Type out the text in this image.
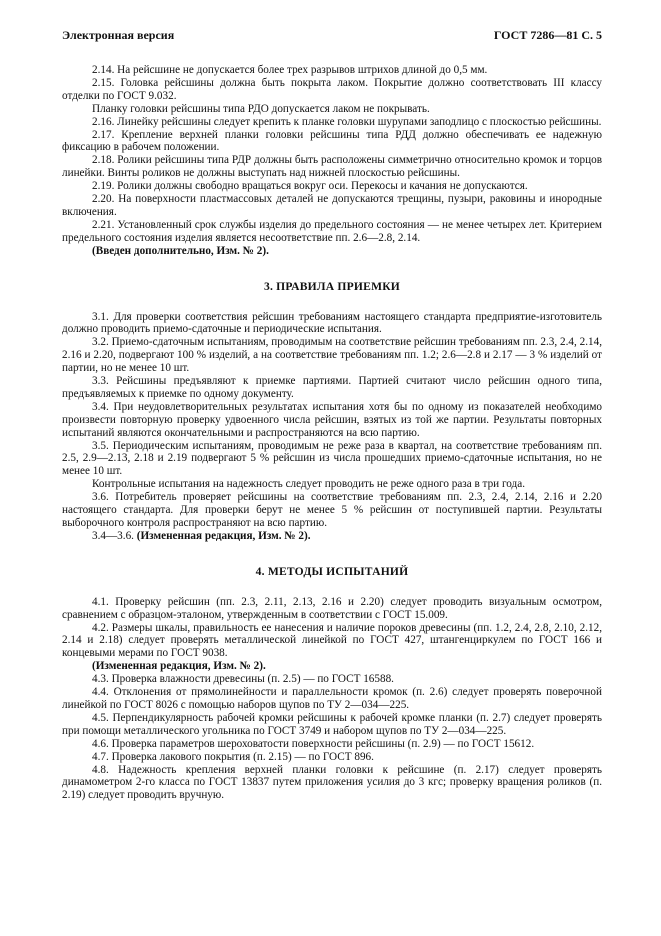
Электронная версия	ГОСТ 7286—81 С. 5

2.14. На рейсшине не допускается более трех разрывов штрихов длиной до 0,5 мм.

2.15. Головка рейсшины должна быть покрыта лаком. Покрытие должно соответствовать III классу отделки по ГОСТ 9.032.

Планку головки рейсшины типа РДО допускается лаком не покрывать.

2.16. Линейку рейсшины следует крепить к планке головки шурупами заподлицо с плоскостью рейсшины.

2.17. Крепление верхней планки головки рейсшины типа РДД должно обеспечивать ее надежную фиксацию в рабочем положении.

2.18. Ролики рейсшины типа РДР должны быть расположены симметрично относительно кромок и торцов линейки. Винты роликов не должны выступать над нижней плоскостью рейсшины.

2.19. Ролики должны свободно вращаться вокруг оси. Перекосы и качания не допускаются.

2.20. На поверхности пластмассовых деталей не допускаются трещины, пузыри, раковины и инородные включения.

2.21. Установленный срок службы изделия до предельного состояния — не менее четырех лет. Критерием предельного состояния изделия является несоответствие пп. 2.6—2.8, 2.14.

(Введен дополнительно, Изм. № 2).

3. ПРАВИЛА ПРИЕМКИ

3.1. Для проверки соответствия рейсшин требованиям настоящего стандарта предприятие-изготовитель должно проводить приемо-сдаточные и периодические испытания.

3.2. Приемо-сдаточным испытаниям, проводимым на соответствие рейсшин требованиям пп. 2.3, 2.4, 2.14, 2.16 и 2.20, подвергают 100 % изделий, а на соответствие требованиям пп. 1.2; 2.6—2.8 и 2.17 — 3 % изделий от партии, но не менее 10 шт.

3.3. Рейсшины предъявляют к приемке партиями. Партией считают число рейсшин одного типа, предъявляемых к приемке по одному документу.

3.4. При неудовлетворительных результатах испытания хотя бы по одному из показателей необходимо произвести повторную проверку удвоенного числа рейсшин, взятых из той же партии. Результаты повторных испытаний являются окончательными и распространяются на всю партию.

3.5. Периодическим испытаниям, проводимым не реже раза в квартал, на соответствие требованиям пп. 2.5, 2.9—2.13, 2.18 и 2.19 подвергают 5 % рейсшин из числа прошедших приемо-сдаточные испытания, но не менее 10 шт.

Контрольные испытания на надежность следует проводить не реже одного раза в три года.

3.6. Потребитель проверяет рейсшины на соответствие требованиям пп. 2.3, 2.4, 2.14, 2.16 и 2.20 настоящего стандарта. Для проверки берут не менее 5 % рейсшин от поступившей партии. Результаты выборочного контроля распространяют на всю партию.

3.4—3.6. (Измененная редакция, Изм. № 2).

4. МЕТОДЫ ИСПЫТАНИЙ

4.1. Проверку рейсшин (пп. 2.3, 2.11, 2.13, 2.16 и 2.20) следует проводить визуальным осмотром, сравнением с образцом-эталоном, утвержденным в соответствии с ГОСТ 15.009.

4.2. Размеры шкалы, правильность ее нанесения и наличие пороков древесины (пп. 1.2, 2.4, 2.8, 2.10, 2.12, 2.14 и 2.18) следует проверять металлической линейкой по ГОСТ 427, штангенциркулем по ГОСТ 166 и концевыми мерами по ГОСТ 9038.

(Измененная редакция, Изм. № 2).

4.3. Проверка влажности древесины (п. 2.5) — по ГОСТ 16588.

4.4. Отклонения от прямолинейности и параллельности кромок (п. 2.6) следует проверять поверочной линейкой по ГОСТ 8026 с помощью наборов щупов по ТУ 2—034—225.

4.5. Перпендикулярность рабочей кромки рейсшины к рабочей кромке планки (п. 2.7) следует проверять при помощи металлического угольника по ГОСТ 3749 и набором щупов по ТУ 2—034—225.

4.6. Проверка параметров шероховатости поверхности рейсшины (п. 2.9) — по ГОСТ 15612.

4.7. Проверка лакового покрытия (п. 2.15) — по ГОСТ 896.

4.8. Надежность крепления верхней планки головки к рейсшине (п. 2.17) следует проверять динамометром 2-го класса по ГОСТ 13837 путем приложения усилия до 3 кгс; проверку вращения роликов (п. 2.19) следует проводить вручную.
